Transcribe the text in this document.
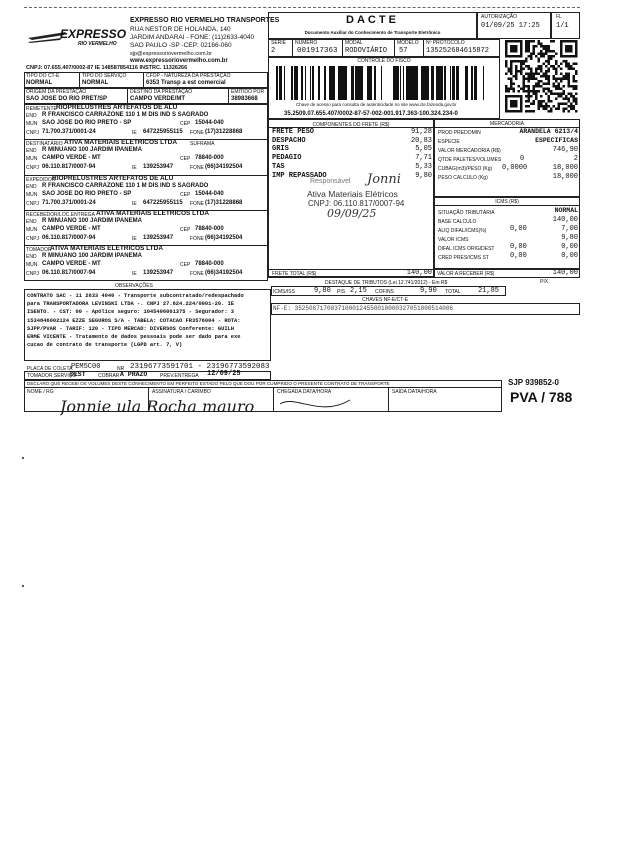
EXPRESSO
RIO VERMELHO
EXPRESSO RIO VERMELHO TRANSPORTES
RUA NESTOR DE HOLANDA, 140
JARDIM ANDARAI - FONE: (11)2633-4040
SAO PAULO -SP -CEP: 02166-060
sjp@expressoriovermelho.com.br
www.expressoriovermelho.com.br
CNPJ: 07.655.407/0002-87 IE 148587854116 INSTRC. 11326266
DACTE
Documento Auxiliar do Conhecimento de Transporte Eletrônico
AUTORIZAÇÃO
01/09/25 17:25
FL
1/1
SÉRIE
2
NÚMERO
001917363
MODAL
RODOVIÁRIO
MODELO
57
Nº PROTOCOLO
135252684615872
CONTROLE DO FISCO
Chave de acesso para consulta de autenticidade no site www.cte.fazenda.gov.br
35.2509.07.655.407/0002-87-57-002-001.917.363-100.324.234-0
TIPO DO CT-E
NORMAL
TIPO DO SERVIÇO
NORMAL
CFOP - NATUREZA DA PRESTAÇÃO
6353 Transp a est comercial
ORIGEM DA PRESTAÇÃO
SAO JOSE DO RIO PRET/SP
DESTINO DA PRESTAÇÃO
CAMPO VERDE/MT
EMITIDO POR
38983668
REMETENTE RIOPRELUSTRES ARTEFATOS DE ALU
END R FRANCISCO CARRAZONE 110 1 M DIS IND S SAGRADO
MUN SAO JOSE DO RIO PRETO - SP	CEP 15044-040
CNPJ 71.700.371/0001-24	IE 647225955115 FONE (17)31228868
DESTINATÁRIO ATIVA MATERIAIS ELETRICOS LTDA	SUFRAMA
END R MINUANO 100 JARDIM IPANEMA
MUN CAMPO VERDE - MT	CEP 78840-000
CNPJ 06.110.817/0007-94	IE 139253947	FONE (66)34192504
EXPEDIDOR
RIOPRELUSTRES ARTEFATOS DE ALU
END R FRANCISCO CARRAZONE 110 1 M DIS IND S SAGRADO
MUN SAO JOSE DO RIO PRETO - SP	CEP 15044-040
CNPJ 71.700.371/0001-24	IE 647225955115 FONE (17)31228868
RECEBEDOR/LOC.ENTREGA ATIVA MATERIAIS ELETRICOS LTDA
END R MINUANO 100 JARDIM IPANEMA
MUN CAMPO VERDE - MT	CEP 78840-000
CNPJ 06.110.817/0007-94	IE 139253947	FONE (66)34192504
TOMADOR
ATIVA MATERIAIS ELETRICOS LTDA
END R MINUANO 100 JARDIM IPANEMA
MUN CAMPO VERDE - MT	CEP 78840-000
CNPJ 06.110.817/0007-94	IE 139253947	FONE (66)34192504
COMPONENTES DO FRETE (R$)
FRETE PESO	91,28
DESPACHO	20,83
GRIS	5,05
PEDAGIO	7,71
TAS	5,33
IMP REPASSADO	9,80
MERCADORIA
PROD PREDOMIN	ARANDELA 6213/4
ESPECIE	ESPECIFICAS
VALOR MERCADORIA (R$)	746,90
QTDE PALETES/VOLUMES	0	2
CUBAG(m3)/PESO (Kg) 0,0000	18,000
PESO CALCULO (Kg)	18,000
ICMS (R$)
SITUAÇÃO TRIBUTÁRIA	NORMAL
BASE CALCULO	140,00
ALIQ DIFAL/ICMS(%)	0,00	7,00
VALOR ICMS	9,80
DIFAL ICMS ORIG/DEST 0,00	0,00
CRED PRES/ICMS ST	0,00	0,00
FRETE TOTAL (R$)	140,00 VALOR A RECEBER (R$)	140,00
PIX
DESTAQUE DE TRIBUTOS (Lei 12.741/2012) - Em R$
ICMS/ISS	9,80 PIS 2,15 COFINS	9,90 TOTAL 21,85
CHAVES NF-E/CT-E
NF-E: 35250871700371000124550010000327051000514006
OBSERVAÇÕES
CONTRATO SAC - 11 2633 4040 - Transporte subcontratado/redespachado
para TRANSPORTADORA LEVINSKI LTDA -. CNPJ 27.624.224/0001-20. IE
ISENTO. - CST: 00 - Apólice seguro: 1045406001375 - Segurador: 3
1534846002124 EZZE SEGUROS S/A - TABELA: COTACAO FR3576004 - ROTA:
SJPP/PVAR - TARIF: 120 - TIPO MERCAD: DIVERSOS Conferente: GUILH
ERME VICENTE - Tratamento de dados pessoais pode ser dado para exe
cucao de contrato de transporte (LGPD art. 7, V)
PLACA DE COLETA
PEM5C00	NR 23196773591701 - 23196773592083
TOMADOR SERVIÇO
DEST COBRAR A PRAZO	PREV.ENTREGA 12/09/25
DECLARO QUE RECEBI OS VOLUMES DESTE CONHECIMENTO EM PERFEITO ESTADO PELO QUE DOU POR CUMPRIDO O PRESENTE CONTRATO DE TRANSPORTE
NOME / RG	ASSINATURA / CARIMBO	CHEGADA DATA/HORA	SAÍDA DATA/HORA
SJP 939852-0
PVA / 788
Jonnie ula Rocha mauro
Responsável
Ativa Materiais Elétricos
CNPJ: 06.110.817/0007-94
09/09/25
Jonni
